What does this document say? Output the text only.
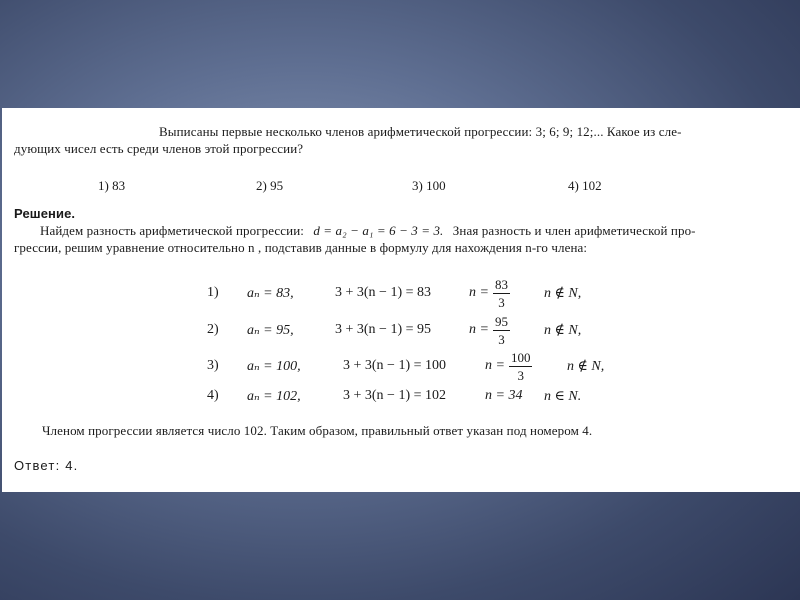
Выписаны первые несколько членов арифметической прогрессии: 3; 6; 9; 12;... Какое из сле-
дующих чисел есть среди членов этой прогрессии?
1) 83	2) 95	3) 100	4) 102
Решение.
Найдем разность арифметической прогрессии: d = a₂ − a₁ = 6 − 3 = 3. Зная разность и член арифметической про-
грессии, решим уравнение относительно n , подставив данные в формулу для нахождения n-го члена:
1) aₙ = 83,	3 + 3(n − 1) = 83	$n = \frac{83}{3}$ n ∉ N,
2) aₙ = 95,	3 + 3(n − 1) = 95	$n = \frac{95}{3}$ n ∉ N,
3) aₙ = 100,	3 + 3(n − 1) = 100	$n = \frac{100}{3}$ n ∉ N,
4) aₙ = 102,	3 + 3(n − 1) = 102	n = 34 n ∈ N.
Членом прогрессии является число 102. Таким образом, правильный ответ указан под номером 4.
Ответ: 4.
